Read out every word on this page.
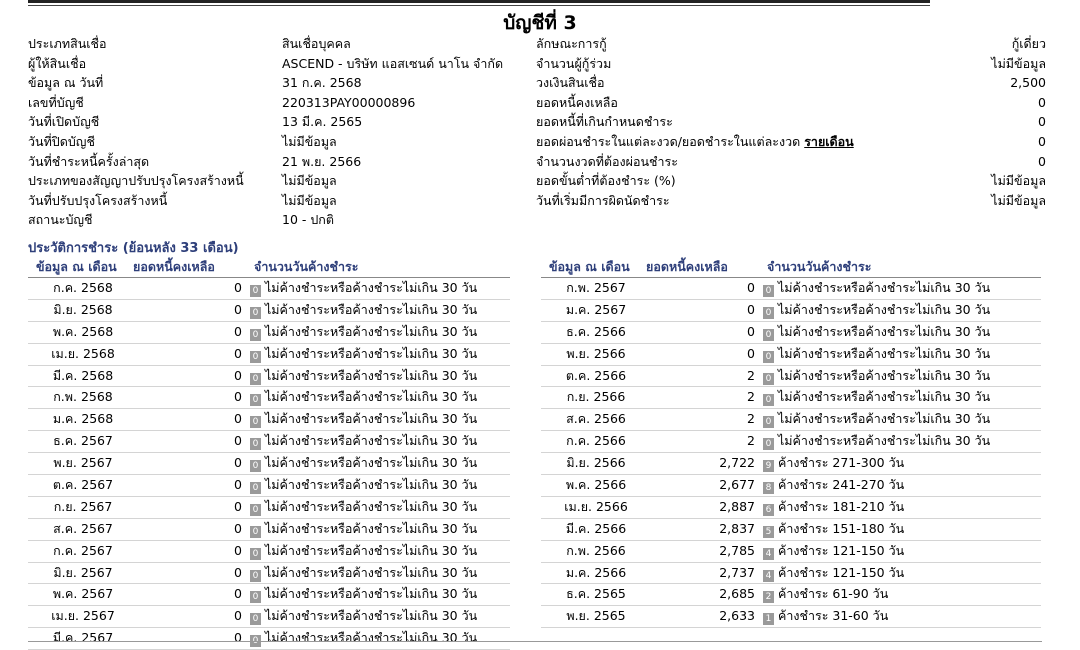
บัญชีที่ 3
ประเภทสินเชื่อ	สินเชื่อบุคคล	ลักษณะการกู้	กู้เดี่ยว
ผู้ให้สินเชื่อ	ASCEND - บริษัท แอสเซนด์ นาโน จำกัด	จำนวนผู้กู้ร่วม	ไม่มีข้อมูล
ข้อมูล ณ วันที่	31 ก.ค. 2568	วงเงินสินเชื่อ	2,500
เลขที่บัญชี	220313PAY00000896	ยอดหนี้คงเหลือ	0
วันที่เปิดบัญชี	13 มี.ค. 2565	ยอดหนี้ที่เกินกำหนดชำระ	0
วันที่ปิดบัญชี	ไม่มีข้อมูล	ยอดผ่อนชำระในแต่ละงวด/ยอดชำระในแต่ละงวด รายเดือน	0
วันที่ชำระหนี้ครั้งล่าสุด	21 พ.ย. 2566	จำนวนงวดที่ต้องผ่อนชำระ	0
ประเภทของสัญญาปรับปรุงโครงสร้างหนี้	ไม่มีข้อมูล	ยอดขั้นต่ำที่ต้องชำระ (%)	ไม่มีข้อมูล
วันที่ปรับปรุงโครงสร้างหนี้	ไม่มีข้อมูล	วันที่เริ่มมีการผิดนัดชำระ	ไม่มีข้อมูล
สถานะบัญชี	10 - ปกติ
ประวัติการชำระ (ย้อนหลัง 33 เดือน)
ข้อมูล ณ เดือน ยอดหนี้คงเหลือ	จำนวนวันค้างชำระ
ก.ค. 2568	0 0 ไม่ค้างชำระหรือค้างชำระไม่เกิน 30 วัน
มิ.ย. 2568	0 0 ไม่ค้างชำระหรือค้างชำระไม่เกิน 30 วัน
พ.ค. 2568	0 0 ไม่ค้างชำระหรือค้างชำระไม่เกิน 30 วัน
เม.ย. 2568	0 0 ไม่ค้างชำระหรือค้างชำระไม่เกิน 30 วัน
มี.ค. 2568	0 0 ไม่ค้างชำระหรือค้างชำระไม่เกิน 30 วัน
ก.พ. 2568	0 0 ไม่ค้างชำระหรือค้างชำระไม่เกิน 30 วัน
ม.ค. 2568	0 0 ไม่ค้างชำระหรือค้างชำระไม่เกิน 30 วัน
ธ.ค. 2567	0 0 ไม่ค้างชำระหรือค้างชำระไม่เกิน 30 วัน
พ.ย. 2567	0 0 ไม่ค้างชำระหรือค้างชำระไม่เกิน 30 วัน
ต.ค. 2567	0 0 ไม่ค้างชำระหรือค้างชำระไม่เกิน 30 วัน
ก.ย. 2567	0 0 ไม่ค้างชำระหรือค้างชำระไม่เกิน 30 วัน
ส.ค. 2567	0 0 ไม่ค้างชำระหรือค้างชำระไม่เกิน 30 วัน
ก.ค. 2567	0 0 ไม่ค้างชำระหรือค้างชำระไม่เกิน 30 วัน
มิ.ย. 2567	0 0 ไม่ค้างชำระหรือค้างชำระไม่เกิน 30 วัน
พ.ค. 2567	0 0 ไม่ค้างชำระหรือค้างชำระไม่เกิน 30 วัน
เม.ย. 2567	0 0 ไม่ค้างชำระหรือค้างชำระไม่เกิน 30 วัน
มี.ค. 2567	0 0 ไม่ค้างชำระหรือค้างชำระไม่เกิน 30 วัน
ข้อมูล ณ เดือน ยอดหนี้คงเหลือ	จำนวนวันค้างชำระ
ก.พ. 2567	0 0 ไม่ค้างชำระหรือค้างชำระไม่เกิน 30 วัน
ม.ค. 2567	0 0 ไม่ค้างชำระหรือค้างชำระไม่เกิน 30 วัน
ธ.ค. 2566	0 0 ไม่ค้างชำระหรือค้างชำระไม่เกิน 30 วัน
พ.ย. 2566	0 0 ไม่ค้างชำระหรือค้างชำระไม่เกิน 30 วัน
ต.ค. 2566	2 0 ไม่ค้างชำระหรือค้างชำระไม่เกิน 30 วัน
ก.ย. 2566	2 0 ไม่ค้างชำระหรือค้างชำระไม่เกิน 30 วัน
ส.ค. 2566	2 0 ไม่ค้างชำระหรือค้างชำระไม่เกิน 30 วัน
ก.ค. 2566	2 0 ไม่ค้างชำระหรือค้างชำระไม่เกิน 30 วัน
มิ.ย. 2566	2,722 9 ค้างชำระ 271-300 วัน
พ.ค. 2566	2,677 8 ค้างชำระ 241-270 วัน
เม.ย. 2566	2,887 6 ค้างชำระ 181-210 วัน
มี.ค. 2566	2,837 5 ค้างชำระ 151-180 วัน
ก.พ. 2566	2,785 4 ค้างชำระ 121-150 วัน
ม.ค. 2566	2,737 4 ค้างชำระ 121-150 วัน
ธ.ค. 2565	2,685 2 ค้างชำระ 61-90 วัน
พ.ย. 2565	2,633 1 ค้างชำระ 31-60 วัน
